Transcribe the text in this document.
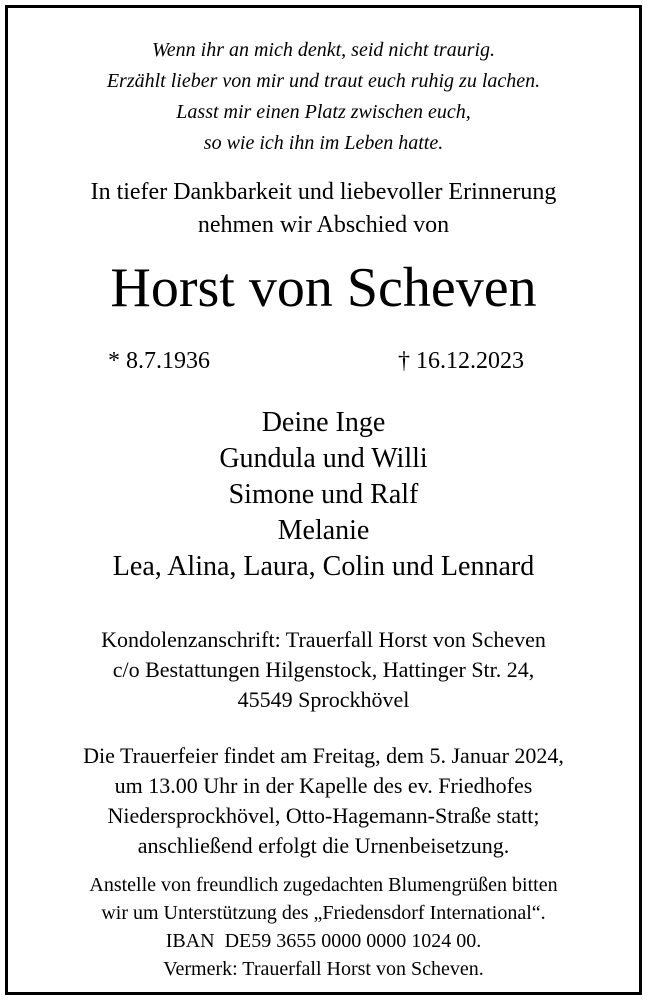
Wenn ihr an mich denkt, seid nicht traurig.
Erzählt lieber von mir und traut euch ruhig zu lachen.
Lasst mir einen Platz zwischen euch,
so wie ich ihn im Leben hatte.
In tiefer Dankbarkeit und liebevoller Erinnerung
nehmen wir Abschied von
Horst von Scheven
* 8.7.1936	† 16.12.2023
Deine Inge
Gundula und Willi
Simone und Ralf
Melanie
Lea, Alina, Laura, Colin und Lennard
Kondolenzanschrift: Trauerfall Horst von Scheven
c/o Bestattungen Hilgenstock, Hattinger Str. 24,
45549 Sprockhövel
Die Trauerfeier findet am Freitag, dem 5. Januar 2024,
um 13.00 Uhr in der Kapelle des ev. Friedhofes
Niedersprockhövel, Otto-Hagemann-Straße statt;
anschließend erfolgt die Urnenbeisetzung.
Anstelle von freundlich zugedachten Blumengrüßen bitten
wir um Unterstützung des „Friedensdorf International“.
IBAN  DE59 3655 0000 0000 1024 00.
Vermerk: Trauerfall Horst von Scheven.
